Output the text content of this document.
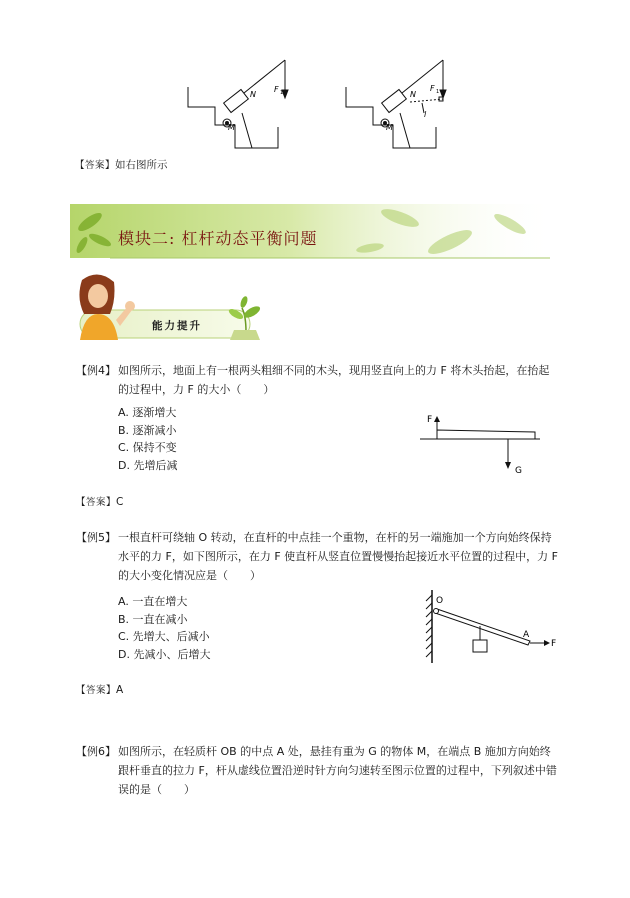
N
F 1
M
N
F 1
l
M
【答案】如右图所示
模块二: 杠杆动态平衡问题
能力提升
【例4】 如图所示，地面上有一根两头粗细不同的木头，现用竖直向上的力 F 将木头抬起，在抬起的过程中，力 F 的大小（　　）
A. 逐渐增大
B. 逐渐减小
C. 保持不变
D. 先增后减
F
G
【答案】C
【例5】 一根直杆可绕轴 O 转动，在直杆的中点挂一个重物，在杆的另一端施加一个方向始终保持水平的力 F，如下图所示，在力 F 使直杆从竖直位置慢慢抬起接近水平位置的过程中，力 F 的大小变化情况应是（　　）
A. 一直在增大
B. 一直在减小
C. 先增大、后减小
D. 先减小、后增大
O
A
F
【答案】A
【例6】 如图所示，在轻质杆 OB 的中点 A 处，悬挂有重为 G 的物体 M，在端点 B 施加方向始终跟杆垂直的拉力 F，杆从虚线位置沿逆时针方向匀速转至图示位置的过程中，下列叙述中错误的是（　　）
